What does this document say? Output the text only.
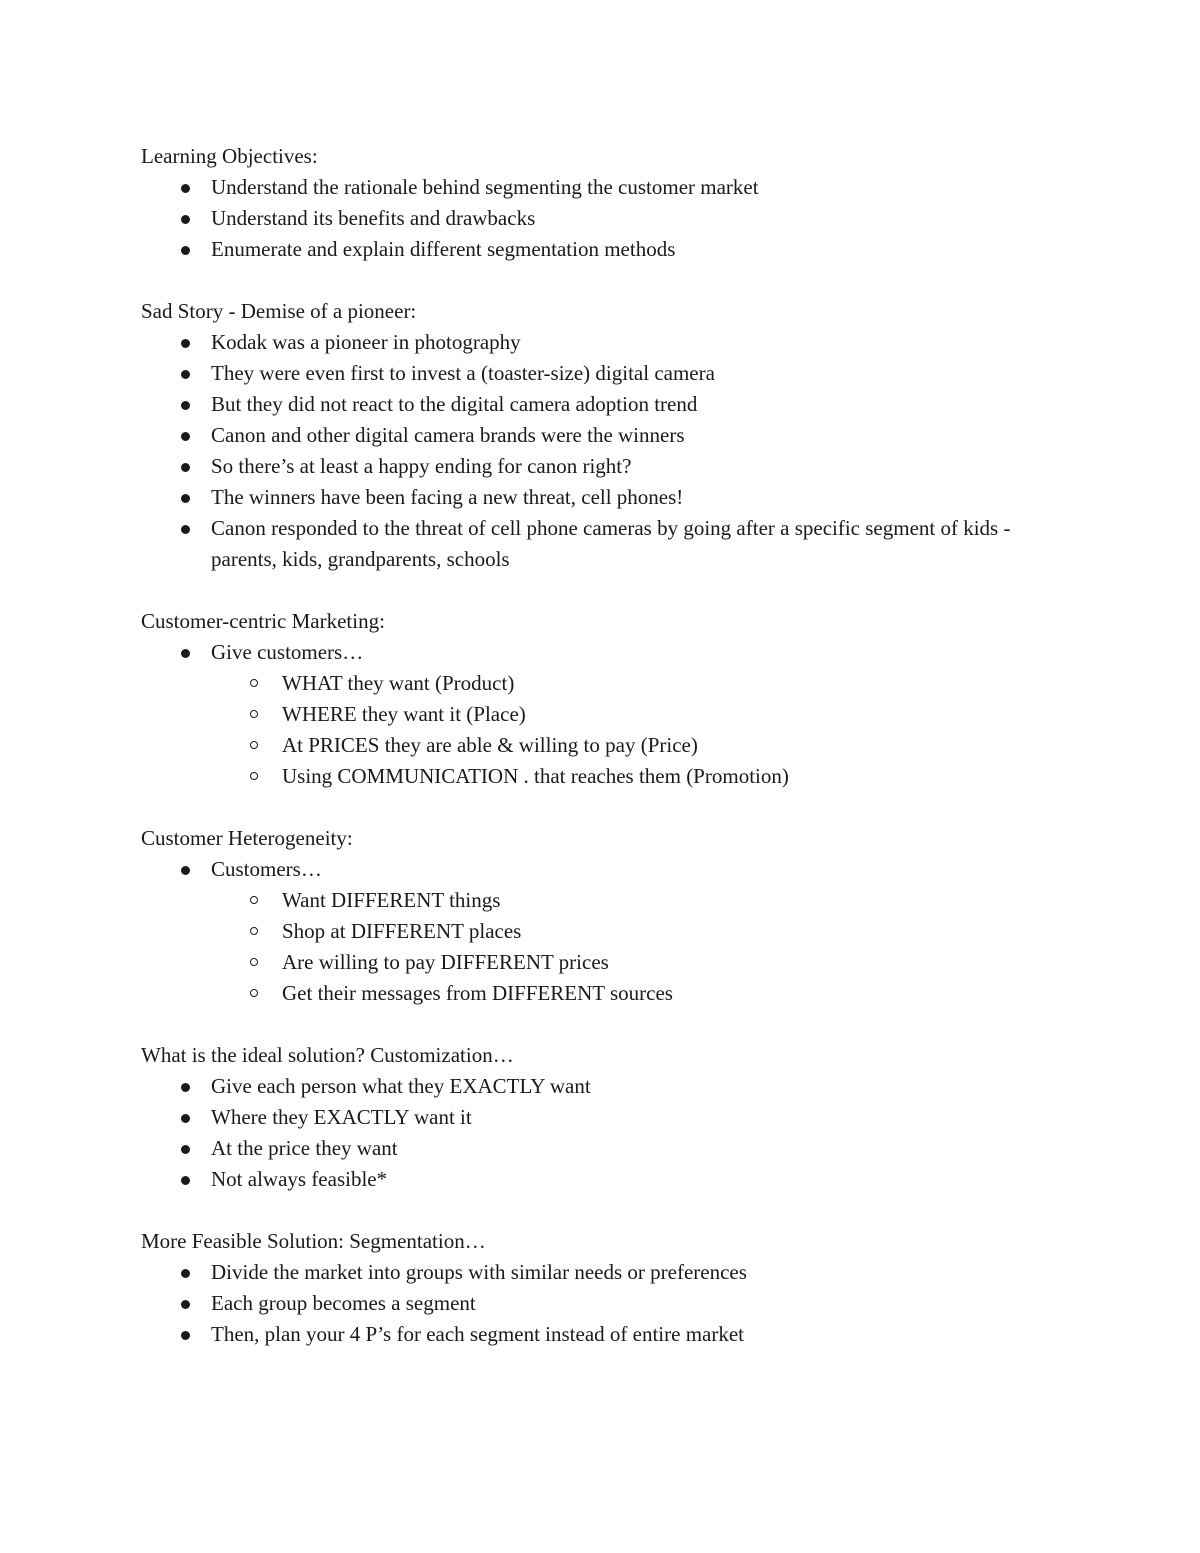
Learning Objectives:

Understand the rationale behind segmenting the customer market
Understand its benefits and drawbacks
Enumerate and explain different segmentation methods

Sad Story - Demise of a pioneer:

Kodak was a pioneer in photography
They were even first to invest a (toaster-size) digital camera
But they did not react to the digital camera adoption trend
Canon and other digital camera brands were the winners
So there’s at least a happy ending for canon right?
The winners have been facing a new threat, cell phones!
Canon responded to the threat of cell phone cameras by going after a specific segment of kids - parents, kids, grandparents, schools

Customer-centric Marketing:

Give customers…
WHAT they want (Product)
WHERE they want it (Place)
At PRICES they are able & willing to pay (Price)
Using COMMUNICATION . that reaches them (Promotion)

Customer Heterogeneity:

Customers…
Want DIFFERENT things
Shop at DIFFERENT places
Are willing to pay DIFFERENT prices
Get their messages from DIFFERENT sources

What is the ideal solution? Customization…

Give each person what they EXACTLY want
Where they EXACTLY want it
At the price they want
Not always feasible*

More Feasible Solution: Segmentation…

Divide the market into groups with similar needs or preferences
Each group becomes a segment
Then, plan your 4 P’s for each segment instead of entire market
